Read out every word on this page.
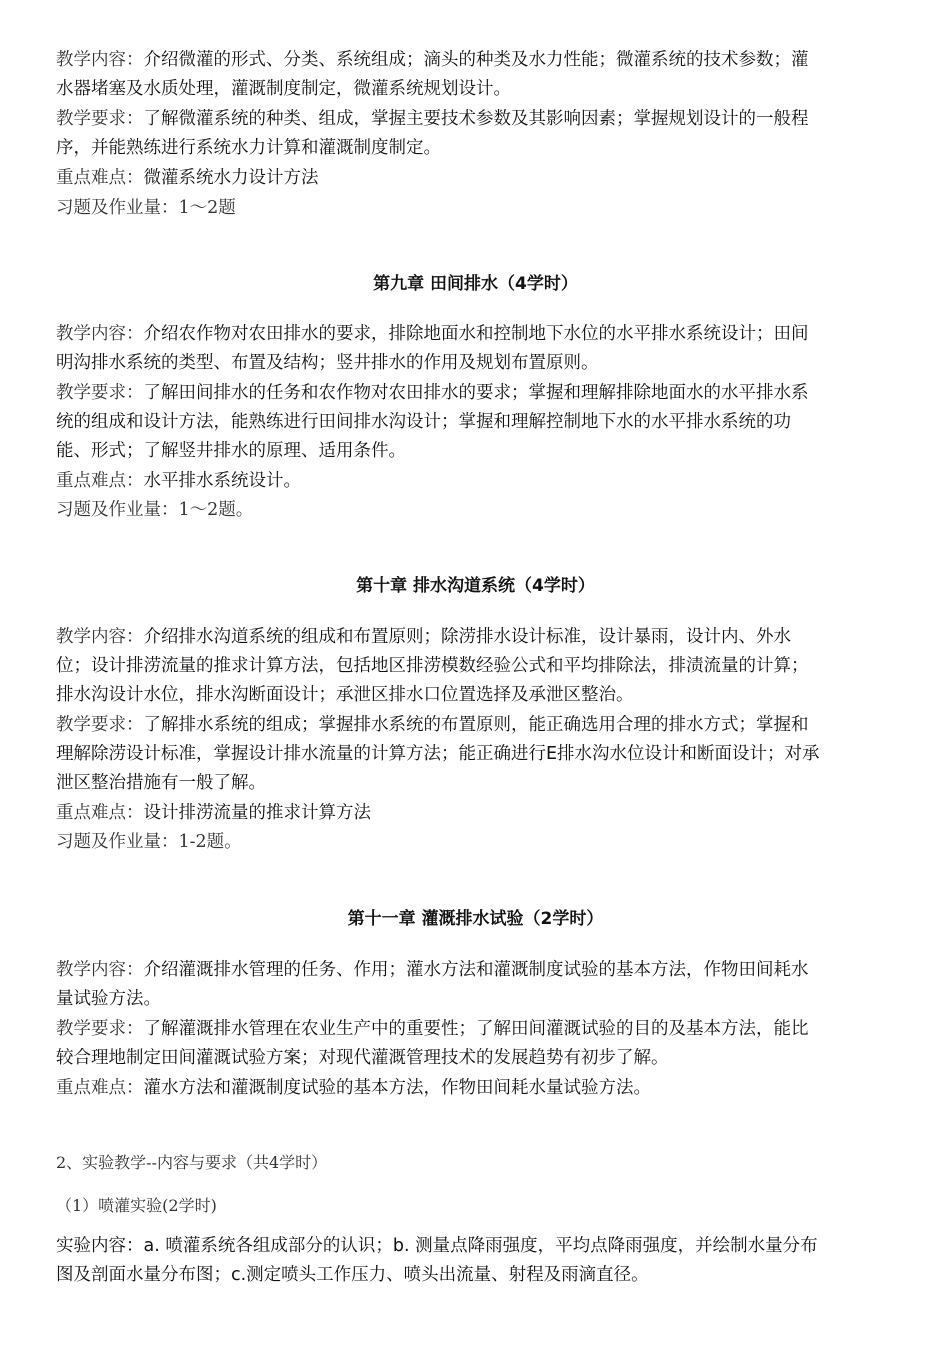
教学内容：介绍微灌的形式、分类、系统组成；滴头的种类及水力性能；微灌系统的技术参数；灌
水器堵塞及水质处理，灌溉制度制定，微灌系统规划设计。
教学要求：了解微灌系统的种类、组成，掌握主要技术参数及其影响因素；掌握规划设计的一般程
序，并能熟练进行系统水力计算和灌溉制度制定。
重点难点：微灌系统水力设计方法
习题及作业量：1～2题
第九章 田间排水（4学时）
教学内容：介绍农作物对农田排水的要求，排除地面水和控制地下水位的水平排水系统设计；田间
明沟排水系统的类型、布置及结构；竖井排水的作用及规划布置原则。
教学要求：了解田间排水的任务和农作物对农田排水的要求；掌握和理解排除地面水的水平排水系
统的组成和设计方法，能熟练进行田间排水沟设计；掌握和理解控制地下水的水平排水系统的功
能、形式；了解竖井排水的原理、适用条件。
重点难点：水平排水系统设计。
习题及作业量：1～2题。
第十章 排水沟道系统（4学时）
教学内容：介绍排水沟道系统的组成和布置原则；除涝排水设计标准，设计暴雨，设计内、外水
位；设计排涝流量的推求计算方法，包括地区排涝模数经验公式和平均排除法，排渍流量的计算；
排水沟设计水位，排水沟断面设计；承泄区排水口位置选择及承泄区整治。
教学要求：了解排水系统的组成；掌握排水系统的布置原则，能正确选用合理的排水方式；掌握和
理解除涝设计标准，掌握设计排水流量的计算方法；能正确进行E排水沟水位设计和断面设计；对承
泄区整治措施有一般了解。
重点难点：设计排涝流量的推求计算方法
习题及作业量：1-2题。
第十一章 灌溉排水试验（2学时）
教学内容：介绍灌溉排水管理的任务、作用；灌水方法和灌溉制度试验的基本方法，作物田间耗水
量试验方法。
教学要求：了解灌溉排水管理在农业生产中的重要性；了解田间灌溉试验的目的及基本方法，能比
较合理地制定田间灌溉试验方案；对现代灌溉管理技术的发展趋势有初步了解。
重点难点：灌水方法和灌溉制度试验的基本方法，作物田间耗水量试验方法。
2、实验教学--内容与要求（共4学时）
（1）喷灌实验(2学时)
实验内容：a. 喷灌系统各组成部分的认识；b. 测量点降雨强度，平均点降雨强度，并绘制水量分布
图及剖面水量分布图；c.测定喷头工作压力、喷头出流量、射程及雨滴直径。
